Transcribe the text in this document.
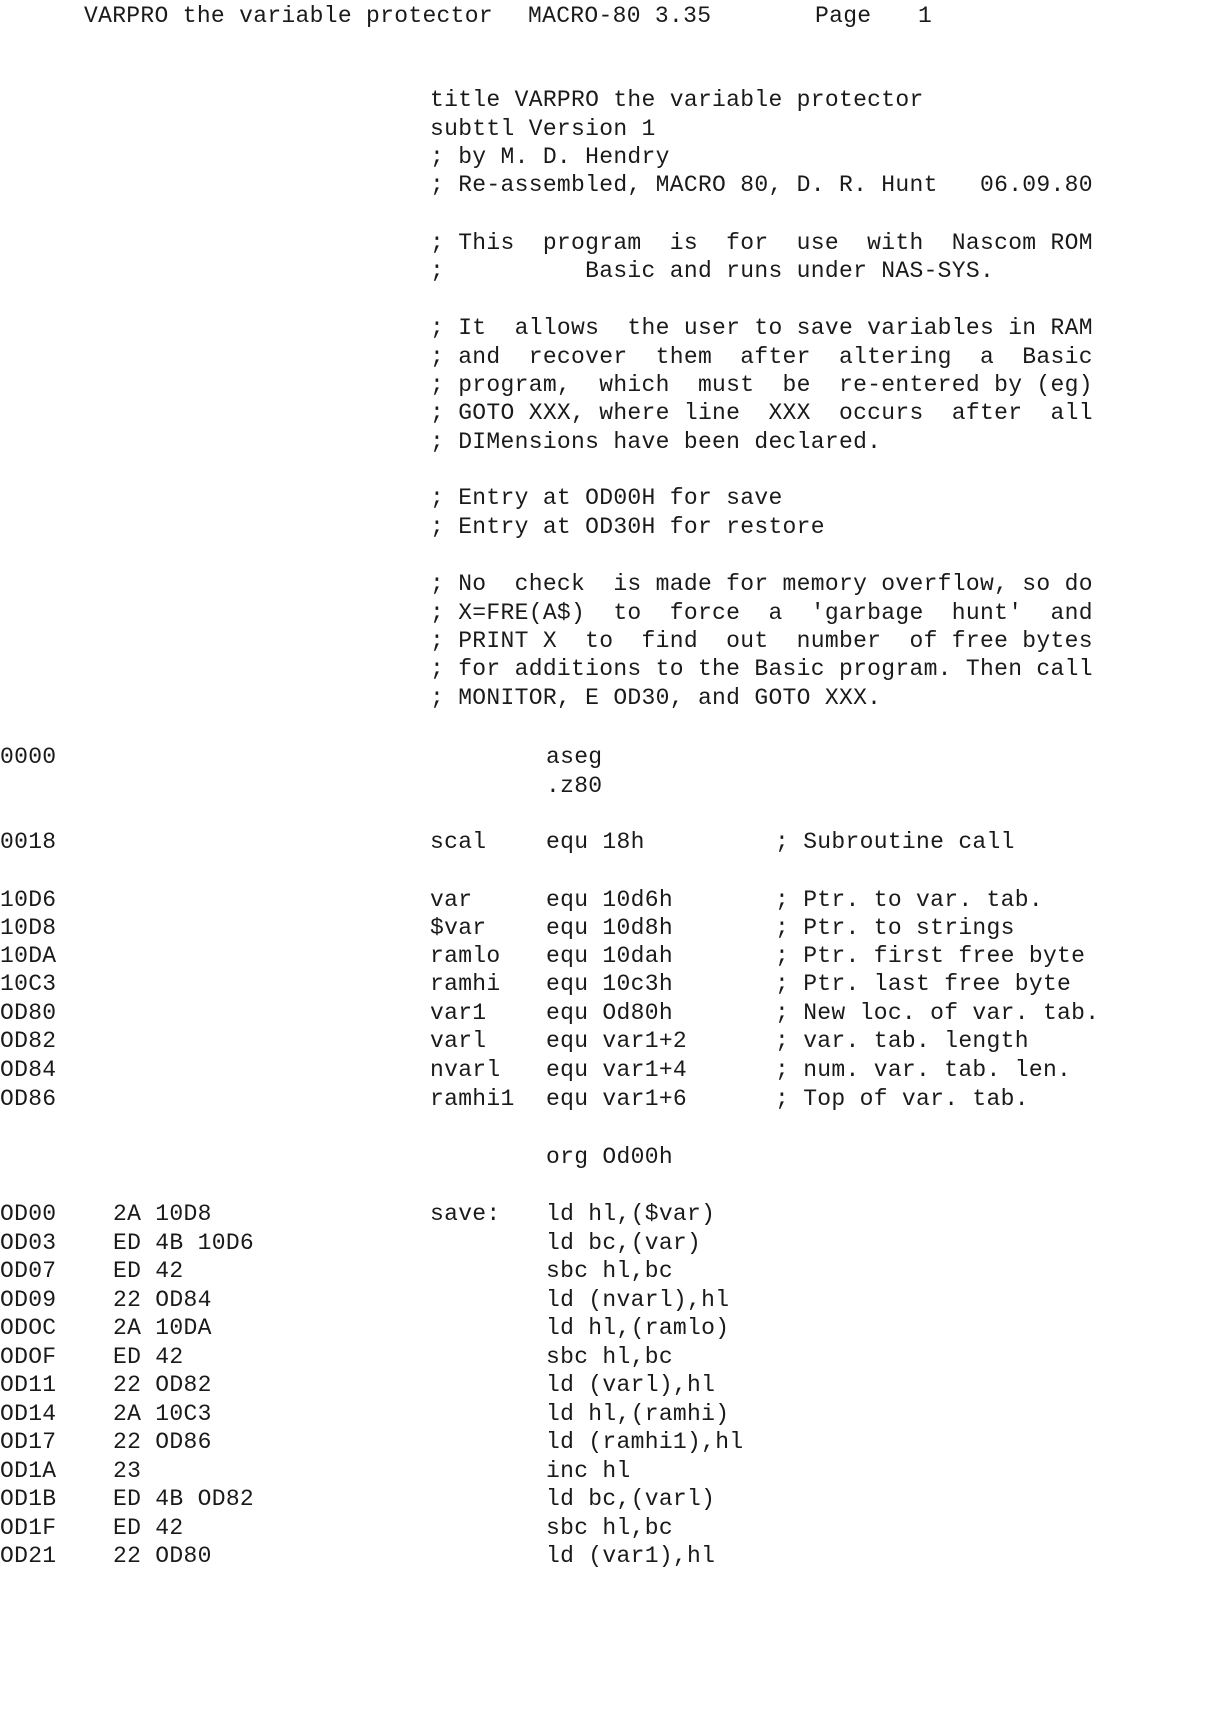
VARPRO the variable protector MACRO-80 3.35	Page 1
title VARPRO the variable protector
subttl Version 1
; by M. D. Hendry
; Re-assembled, MACRO 80, D. R. Hunt   06.09.80
; This  program  is  for  use  with  Nascom ROM
;          Basic and runs under NAS-SYS.
; It  allows  the user to save variables in RAM
; and  recover  them  after  altering  a  Basic
; program,  which  must  be  re-entered by (eg)
; GOTO XXX, where line  XXX  occurs  after  all
; DIMensions have been declared.
; Entry at OD00H for save
; Entry at OD30H for restore
; No  check  is made for memory overflow, so do
; X=FRE(A$)  to  force  a  'garbage  hunt'  and
; PRINT X  to  find  out  number  of free bytes
; for additions to the Basic program. Then call
; MONITOR, E OD30, and GOTO XXX.
0000	aseg
.z80
0018	scal	equ 18h	; Subroutine call
10D6	var	equ 10d6h	; Ptr. to var. tab.
10D8	$var	equ 10d8h	; Ptr. to strings
10DA	ramlo equ 10dah	; Ptr. first free byte
10C3	ramhi equ 10c3h	; Ptr. last free byte
OD80	var1	equ Od80h	; New loc. of var. tab.
OD82	varl	equ var1+2	; var. tab. length
OD84	nvarl equ var1+4	; num. var. tab. len.
OD86	ramhi1 equ var1+6	; Top of var. tab.
org Od00h
OD00 2A 10D8	save: ld hl,($var)
OD03 ED 4B 10D6	ld bc,(var)
OD07 ED 42	sbc hl,bc
OD09 22 OD84	ld (nvarl),hl
ODOC 2A 10DA	ld hl,(ramlo)
ODOF ED 42	sbc hl,bc
OD11 22 OD82	ld (varl),hl
OD14 2A 10C3	ld hl,(ramhi)
OD17 22 OD86	ld (ramhi1),hl
OD1A 23	inc hl
OD1B ED 4B OD82	ld bc,(varl)
OD1F ED 42	sbc hl,bc
OD21 22 OD80	ld (var1),hl
